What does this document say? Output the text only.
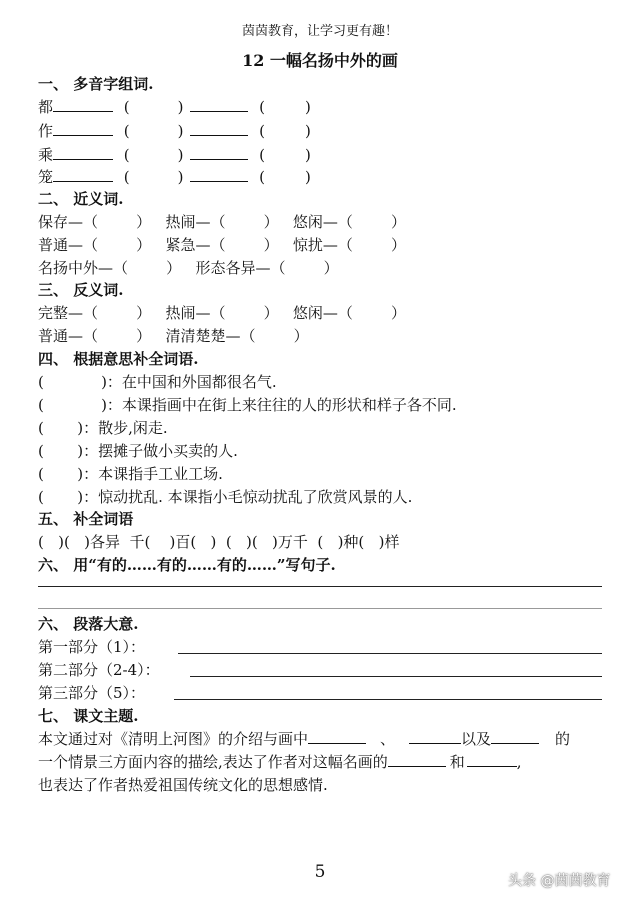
茵茵教育，让学习更有趣！
12 一幅名扬中外的画
一、 多音字组词.
都	(	)	(	)
作	(	)	(	)
乘	(	)	(	)
笼	(	)	(	)
二、 近义词.
保存—（        ）   热闹—（        ）   悠闲—（        ）
普通—（        ）   紧急—（        ）   惊扰—（        ）
名扬中外—（        ）   形态各异—（        ）
三、 反义词.
完整—（        ）   热闹—（        ）   悠闲—（        ）
普通—（        ）   清清楚楚—（        ）
四、 根据意思补全词语.
(            )：在中国和外国都很名气.
(            )：本课指画中在街上来往往的人的形状和样子各不同.
(       )：散步,闲走.
(       )：摆摊子做小买卖的人.
(       )：本课指手工业工场.
(       )：惊动扰乱. 本课指小毛惊动扰乱了欣赏风景的人.
五、 补全词语
(   )(   )各异  千(    )百(   )  (   )(   )万千  (   )种(   )样
六、 用“有的……有的……有的……”写句子.
六、 段落大意.
第一部分（1）：
第二部分（2-4）：
第三部分（5）：
七、 课文主题.
本文通过对《清明上河图》的介绍与画中	、	以及	的
一个情景三方面内容的描绘,表达了作者对这幅名画的	和	,
也表达了作者热爱祖国传统文化的思想感情.
5	头条 @茵茵教育
